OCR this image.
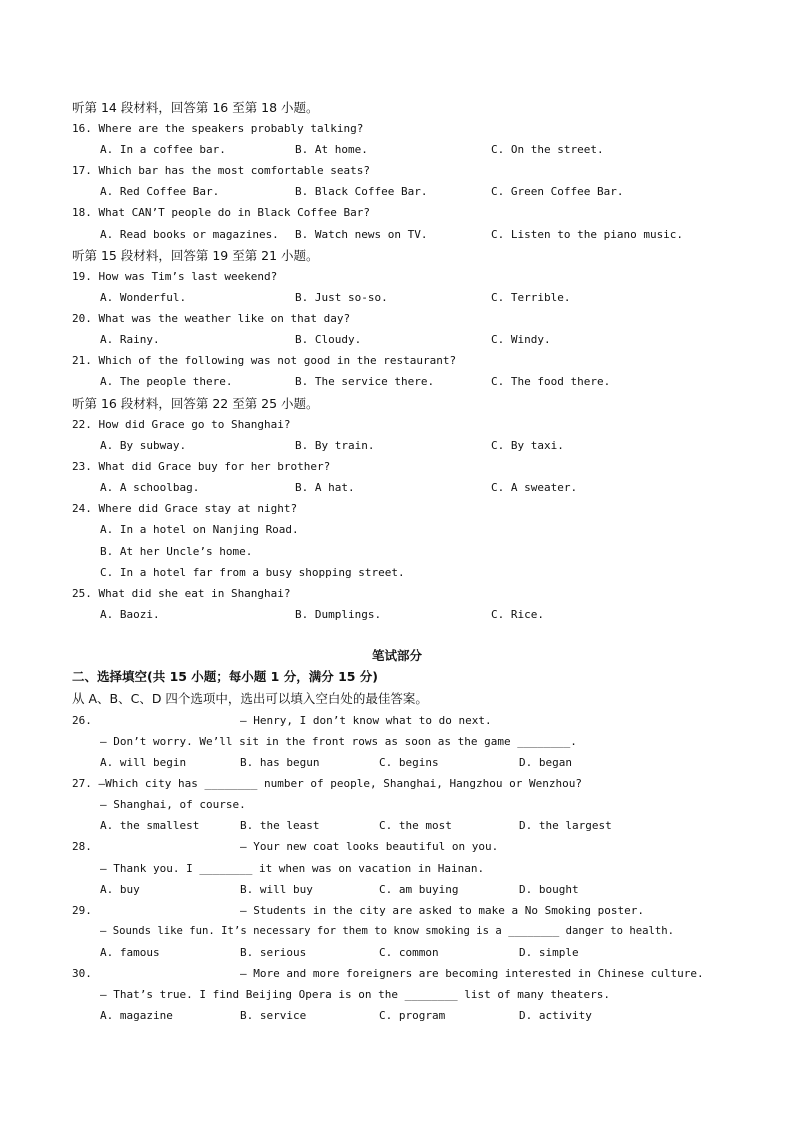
听第 14 段材料，回答第 16 至第 18 小题。
16. Where are the speakers probably talking?
A. In a coffee bar.	B. At home.	C. On the street.
17. Which bar has the most comfortable seats?
A. Red Coffee Bar.	B. Black Coffee Bar.	C. Green Coffee Bar.
18. What CAN’T people do in Black Coffee Bar?
A. Read books or magazines. B. Watch news on TV.	C. Listen to the piano music.
听第 15 段材料，回答第 19 至第 21 小题。
19. How was Tim’s last weekend?
A. Wonderful.	B. Just so-so.	C. Terrible.
20. What was the weather like on that day?
A. Rainy.	B. Cloudy.	C. Windy.
21. Which of the following was not good in the restaurant?
A. The people there.	B. The service there.	C. The food there.
听第 16 段材料，回答第 22 至第 25 小题。
22. How did Grace go to Shanghai?
A. By subway.	B. By train.	C. By taxi.
23. What did Grace buy for her brother?
A. A schoolbag.	B. A hat.	C. A sweater.
24. Where did Grace stay at night?
A. In a hotel on Nanjing Road.
B. At her Uncle’s home.
C. In a hotel far from a busy shopping street.
25. What did she eat in Shanghai?
A. Baozi.	B. Dumplings.	C. Rice.
笔试部分
二、选择填空(共 15 小题；每小题 1 分，满分 15 分)
从 A、B、C、D 四个选项中，选出可以填入空白处的最佳答案。
26.	— Henry, I don’t know what to do next.
— Don’t worry. We’ll sit in the front rows as soon as the game ________.
A. will begin	B. has begun	C. begins	D. began
27. —Which city has ________ number of people, Shanghai, Hangzhou or Wenzhou?
— Shanghai, of course.
A. the smallest	B. the least	C. the most	D. the largest
28.	— Your new coat looks beautiful on you.
— Thank you. I ________ it when was on vacation in Hainan.
A. buy	B. will buy	C. am buying	D. bought
29.	— Students in the city are asked to make a No Smoking poster.
— Sounds like fun. It’s necessary for them to know smoking is a ________ danger to health.
A. famous	B. serious	C. common	D. simple
30.	— More and more foreigners are becoming interested in Chinese culture.
— That’s true. I find Beijing Opera is on the ________ list of many theaters.
A. magazine	B. service	C. program	D. activity
